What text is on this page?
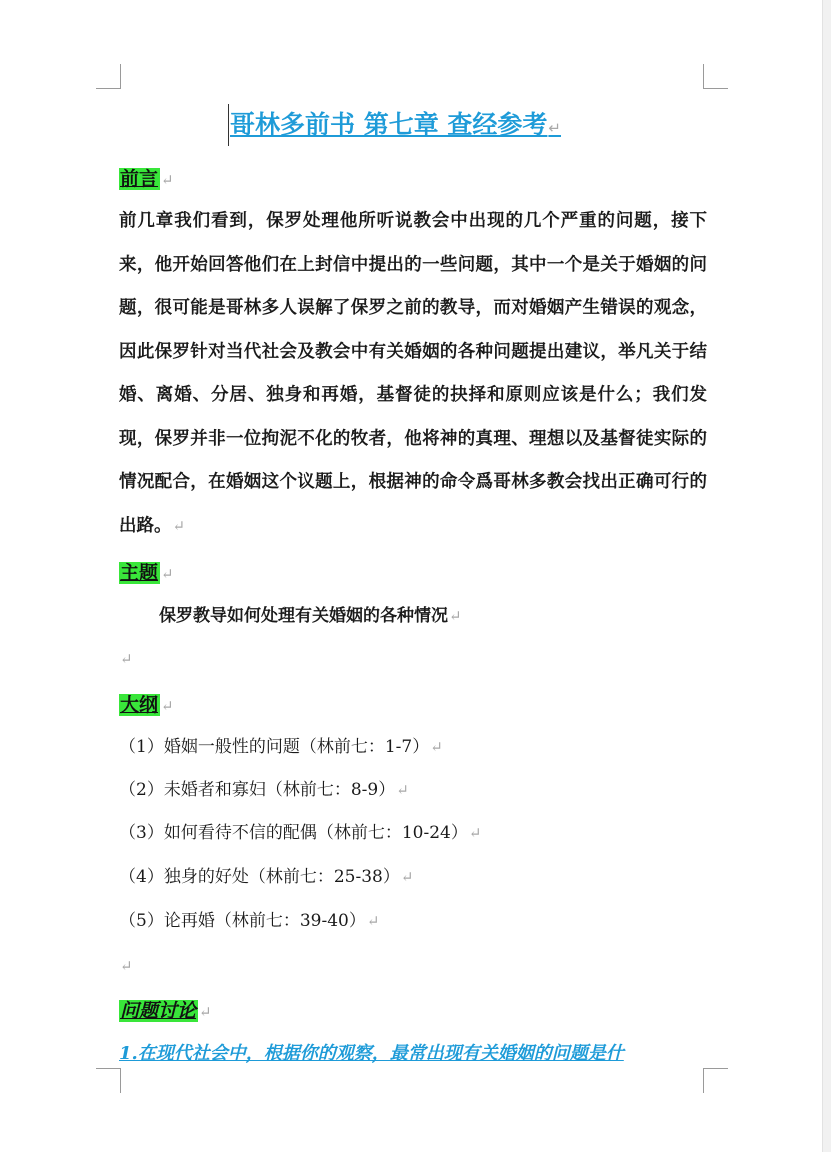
哥林多前书 第七章 查经参考↵
前言 ↵
前几章我们看到，保罗处理他所听说教会中出现的几个严重的问题，接下来，他开始回答他们在上封信中提出的一些问题，其中一个是关于婚姻的问题，很可能是哥林多人误解了保罗之前的教导，而对婚姻产生错误的观念，因此保罗针对当代社会及教会中有关婚姻的各种问题提出建议，举凡关于结婚、离婚、分居、独身和再婚，基督徒的抉择和原则应该是什么；我们发现，保罗并非一位拘泥不化的牧者，他将神的真理、理想以及基督徒实际的情况配合，在婚姻这个议题上，根据神的命令爲哥林多教会找出正确可行的出路。↵
主题 ↵
保罗教导如何处理有关婚姻的各种情况↵
↵
大纲 ↵
（1）婚姻一般性的问题（林前七：1-7）↵
（2）未婚者和寡妇（林前七：8-9）↵
（3）如何看待不信的配偶（林前七：10-24）↵
（4）独身的好处（林前七：25-38）↵
（5）论再婚（林前七：39-40）↵
↵
问题讨论 ↵
1.在现代社会中，根据你的观察，最常出现有关婚姻的问题是什
